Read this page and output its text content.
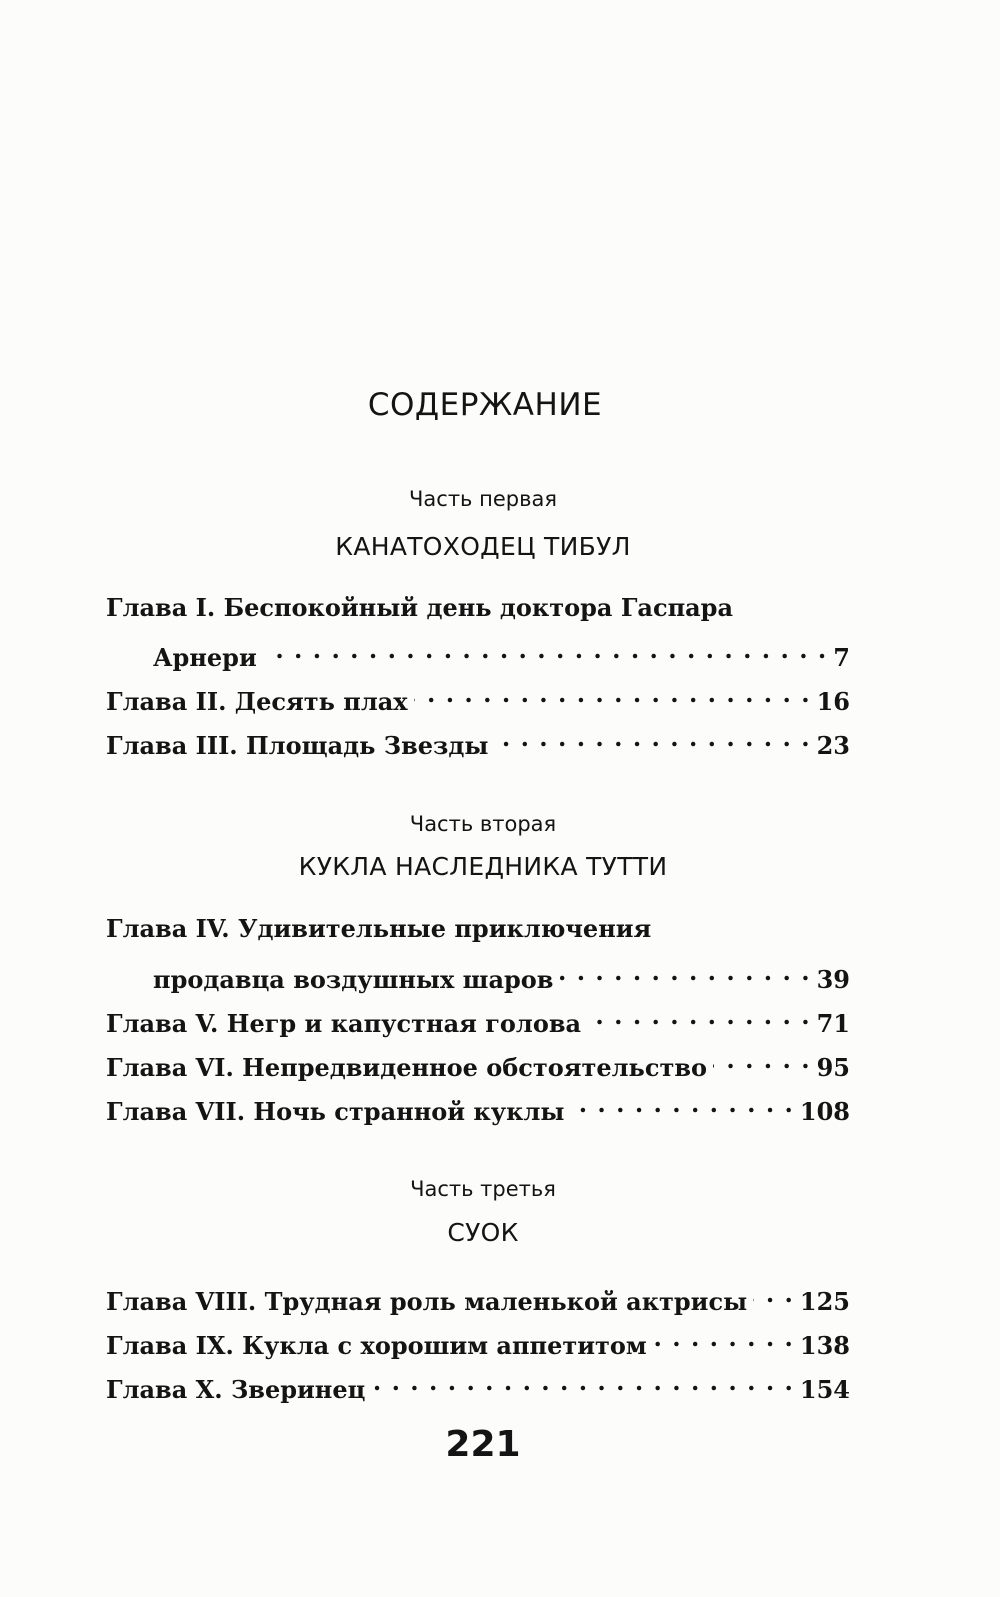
СОДЕРЖАНИЕ
Часть первая
КАНАТОХОДЕЦ ТИБУЛ
Глава I. Беспокойный день доктора Гаспара
Арнери . . .	7
Глава II. Десять плах . . .	16
Глава III. Площадь Звезды . . .	23
Часть вторая
КУКЛА НАСЛЕДНИКА ТУТТИ
Глава IV. Удивительные приключения
продавца воздушных шаров . . .	39
Глава V. Негр и капустная голова . . .	71
Глава VI. Непредвиденное обстоятельство . . .	95
Глава VII. Ночь странной куклы . . .	108
Часть третья
СУОК
Глава VIII. Трудная роль маленькой актрисы . . . 125
Глава IX. Кукла с хорошим аппетитом . . .	138
Глава X. Зверинец . . .	154
221
